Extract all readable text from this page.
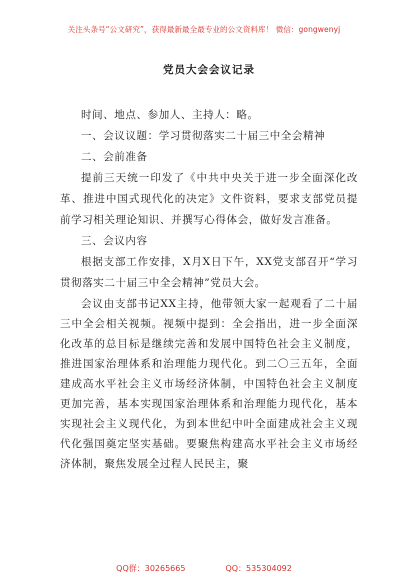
关注头条号“公文研究”，获得最新最全最专业的公文资料库！ 微信：gongwenyj
党员大会会议记录

时间、地点、参加人、主持人：略。

一、会议议题：学习贯彻落实二十届三中全会精神

二、会前准备

提前三天统一印发了《中共中央关于进一步全面深化改革、推进中国式现代化的决定》文件资料，要求支部党员提前学习相关理论知识、并撰写心得体会，做好发言准备。

三、会议内容

根据支部工作安排，X月X日下午，XX党支部召开“学习贯彻落实二十届三中全会精神”党员大会。

会议由支部书记XX主持，他带领大家一起观看了二十届三中全会相关视频。视频中提到：全会指出，进一步全面深化改革的总目标是继续完善和发展中国特色社会主义制度，推进国家治理体系和治理能力现代化。到二〇三五年，全面建成高水平社会主义市场经济体制，中国特色社会主义制度更加完善，基本实现国家治理体系和治理能力现代化，基本实现社会主义现代化，为到本世纪中叶全面建成社会主义现代化强国奠定坚实基础。要聚焦构建高水平社会主义市场经济体制，聚焦发展全过程人民民主，聚

QQ群：30265665	QQ：535304092
